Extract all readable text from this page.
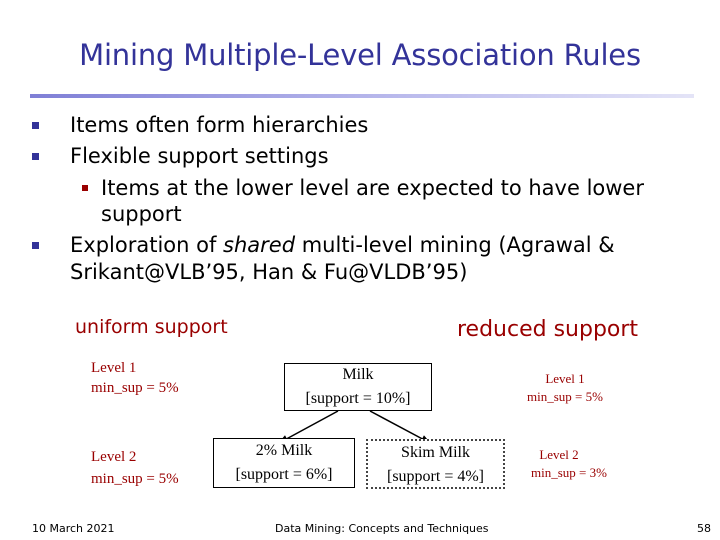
Mining Multiple-Level Association Rules
Items often form hierarchies
Flexible support settings
Items at the lower level are expected to have lower
support
Exploration of shared multi-level mining (Agrawal &
Srikant@VLB’95, Han & Fu@VLDB’95)
uniform support	reduced support
Level 1
min_sup = 5%
Level 2
min_sup = 5%
Level 1
min_sup = 5%
Level 2
min_sup = 3%
Milk
[support = 10%]
2% Milk
[support = 6%]
Skim Milk
[support = 4%]
10 March 2021	Data Mining: Concepts and Techniques	58
